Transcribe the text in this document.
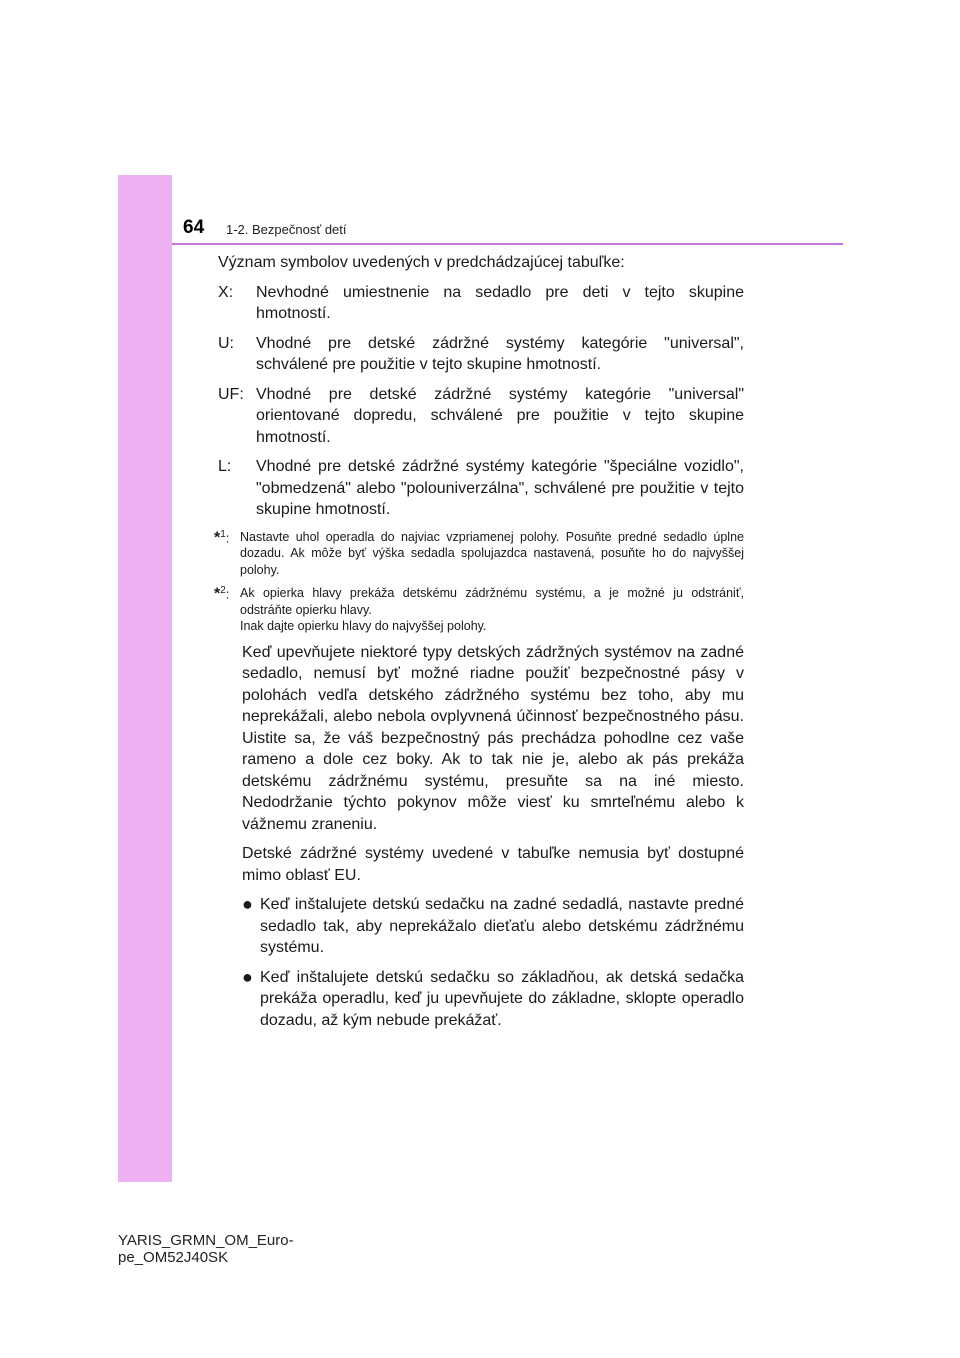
64 1-2. Bezpečnosť detí

Význam symbolov uvedených v predchádzajúcej tabuľke:

X:	Nevhodné umiestnenie na sedadlo pre deti v tejto skupine hmotností.
U:	Vhodné pre detské zádržné systémy kategórie "universal", schválené pre použitie v tejto skupine hmotností.
UF: Vhodné pre detské zádržné systémy kategórie "universal" orientované dopredu, schválené pre použitie v tejto skupine hmotností.
L:	Vhodné pre detské zádržné systémy kategórie "špeciálne vozidlo", "obmedzená" alebo "polouniverzálna", schválené pre použitie v tejto skupine hmotností.
*$^1$: Nastavte uhol operadla do najviac vzpriamenej polohy. Posuňte predné sedadlo úplne dozadu. Ak môže byť výška sedadla spolujazdca nastavená, posuňte ho do najvyššej polohy.
*$^2$: Ak opierka hlavy prekáža detskému zádržnému systému, a je možné ju odstrániť, odstráňte opierku hlavy.
Inak dajte opierku hlavy do najvyššej polohy.

Keď upevňujete niektoré typy detských zádržných systémov na zadné sedadlo, nemusí byť možné riadne použiť bezpečnostné pásy v polohách vedľa detského zádržného systému bez toho, aby mu neprekážali, alebo nebola ovplyvnená účinnosť bezpečnostného pásu. Uistite sa, že váš bezpečnostný pás prechádza pohodlne cez vaše rameno a dole cez boky. Ak to tak nie je, alebo ak pás prekáža detskému zádržnému systému, presuňte sa na iné miesto. Nedodržanie týchto pokynov môže viesť ku smrteľnému alebo k vážnemu zraneniu.

Detské zádržné systémy uvedené v tabuľke nemusia byť dostupné mimo oblasť EU.

● Keď inštalujete detskú sedačku na zadné sedadlá, nastavte predné sedadlo tak, aby neprekážalo dieťaťu alebo detskému zádržnému systému.
● Keď inštalujete detskú sedačku so základňou, ak detská sedačka prekáža operadlu, keď ju upevňujete do základne, sklopte operadlo dozadu, až kým nebude prekážať.
YARIS_GRMN_OM_Euro-
pe_OM52J40SK
